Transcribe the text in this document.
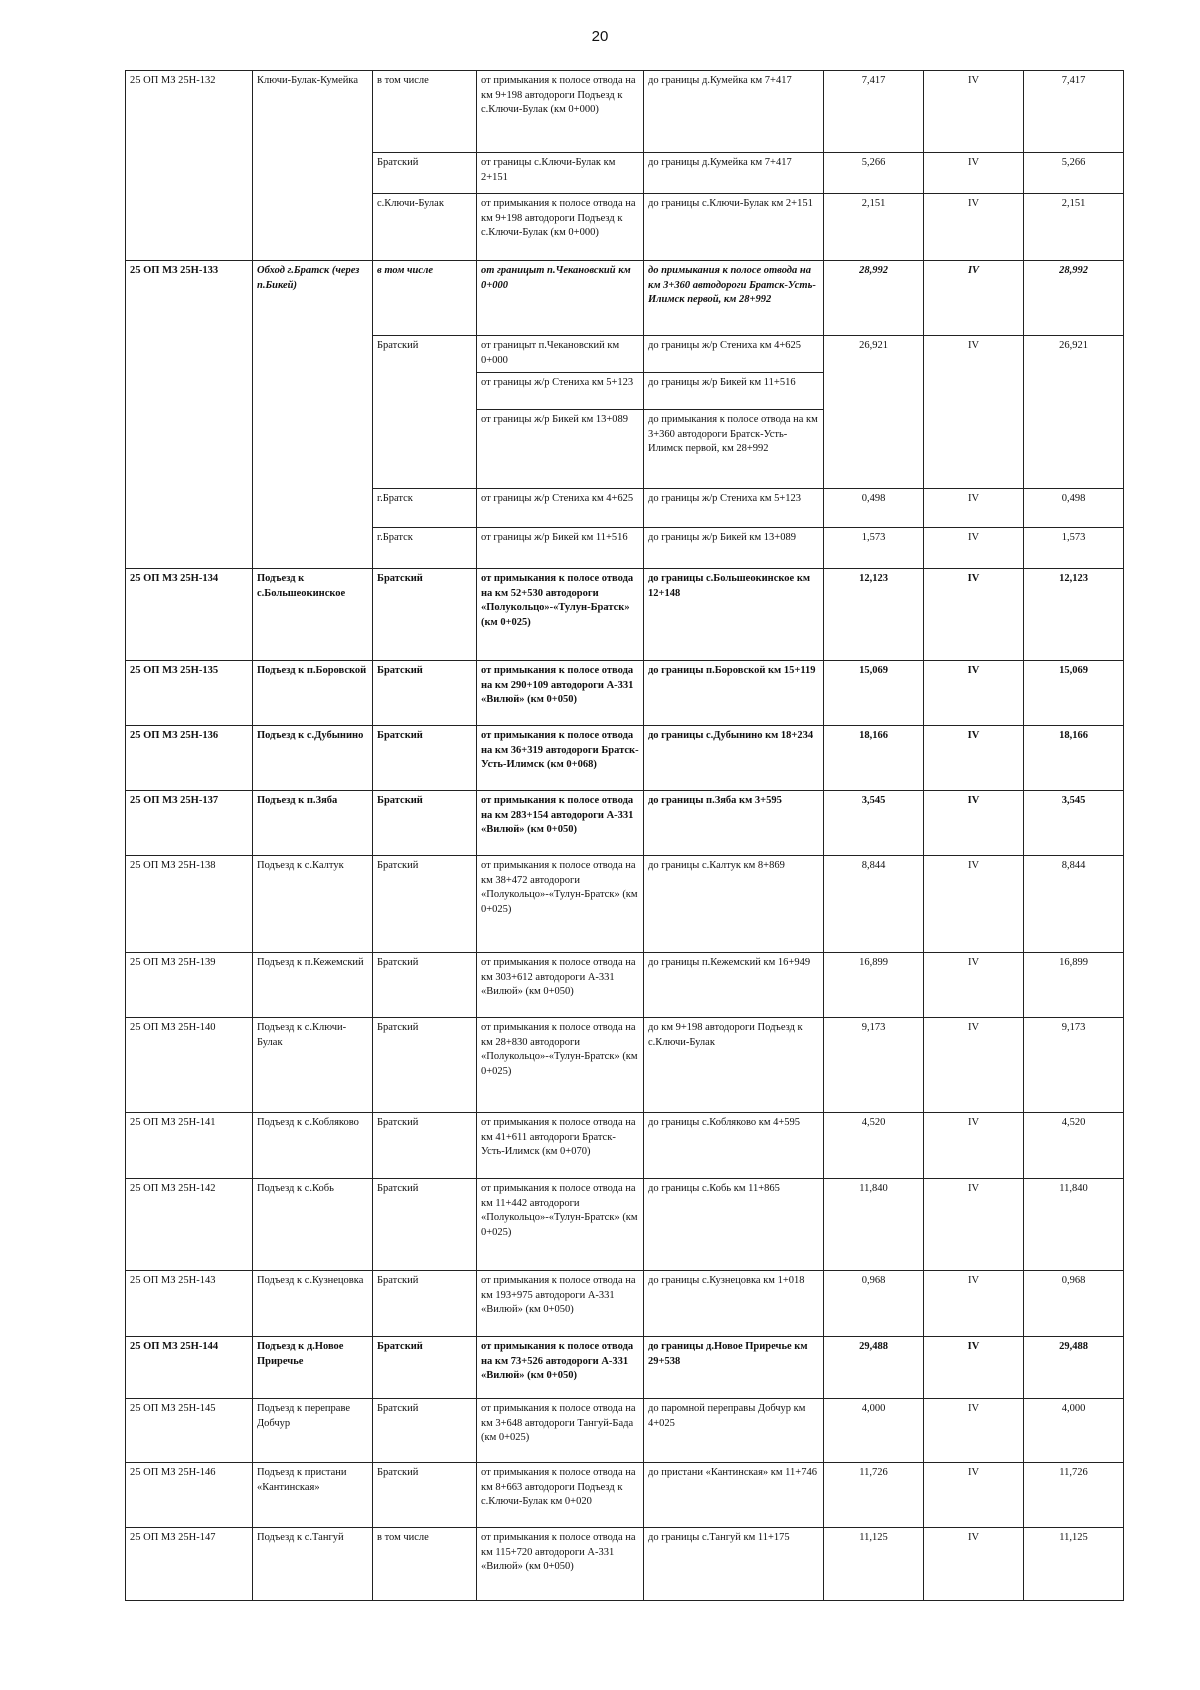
20
25 ОП МЗ 25Н-132	Ключи-Булак-Кумейка	в том числе	от примыкания к полосе отвода на км 9+198 автодороги Подъезд к с.Ключи-Булак (км 0+000)	до границы д.Кумейка км 7+417	7,417	IV	7,417
		Братский	от границы с.Ключи-Булак км 2+151	до границы д.Кумейка км 7+417	5,266	IV	5,266
		с.Ключи-Булак	от примыкания к полосе отвода на км 9+198 автодороги Подъезд к с.Ключи-Булак (км 0+000)	до границы с.Ключи-Булак км 2+151	2,151	IV	2,151
25 ОП МЗ 25Н-133	Обход г.Братск (через п.Бикей)	в том числе	от границыт п.Чекановский км 0+000	до примыкания к полосе отвода на км 3+360 автодороги Братск-Усть-Илимск первой, км 28+992	28,992	IV	28,992
		Братский	от границыт п.Чекановский км 0+000	до границы ж/р Стениха км 4+625	26,921	IV	26,921
			от границы ж/р Стениха км 5+123	до границы ж/р Бикей км 11+516			
			от границы ж/р Бикей км 13+089	до примыкания к полосе отвода на км 3+360 автодороги Братск-Усть-Илимск первой, км 28+992			
		г.Братск	от границы ж/р Стениха км 4+625	до границы ж/р Стениха км 5+123	0,498	IV	0,498
		г.Братск	от границы ж/р Бикей км 11+516	до границы ж/р Бикей км 13+089	1,573	IV	1,573
25 ОП МЗ 25Н-134	Подъезд к с.Большеокинское	Братский	от примыкания к полосе отвода на км 52+530 автодороги «Полукольцо»-«Тулун-Братск» (км 0+025)	до границы с.Большеокинское км 12+148	12,123	IV	12,123
25 ОП МЗ 25Н-135	Подъезд к п.Боровской	Братский	от примыкания к полосе отвода на км 290+109 автодороги А-331 «Вилюй» (км 0+050)	до границы п.Боровской км 15+119	15,069	IV	15,069
25 ОП МЗ 25Н-136	Подъезд к с.Дубынино	Братский	от примыкания к полосе отвода на км 36+319 автодороги Братск-Усть-Илимск (км 0+068)	до границы с.Дубынино км 18+234	18,166	IV	18,166
25 ОП МЗ 25Н-137	Подъезд к п.Зяба	Братский	от примыкания к полосе отвода на км 283+154 автодороги А-331 «Вилюй» (км 0+050)	до границы п.Зяба км 3+595	3,545	IV	3,545
25 ОП МЗ 25Н-138	Подъезд к с.Калтук	Братский	от примыкания к полосе отвода на км 38+472 автодороги «Полукольцо»-«Тулун-Братск» (км 0+025)	до границы с.Калтук км 8+869	8,844	IV	8,844
25 ОП МЗ 25Н-139	Подъезд к п.Кежемский	Братский	от примыкания к полосе отвода на км 303+612 автодороги А-331 «Вилюй» (км 0+050)	до границы п.Кежемский км 16+949	16,899	IV	16,899
25 ОП МЗ 25Н-140	Подъезд к с.Ключи-Булак	Братский	от примыкания к полосе отвода на км 28+830 автодороги «Полукольцо»-«Тулун-Братск» (км 0+025)	до км 9+198 автодороги Подъезд к с.Ключи-Булак	9,173	IV	9,173
25 ОП МЗ 25Н-141	Подъезд к с.Кобляково	Братский	от примыкания к полосе отвода на км 41+611 автодороги Братск-Усть-Илимск (км 0+070)	до границы с.Кобляково км 4+595	4,520	IV	4,520
25 ОП МЗ 25Н-142	Подъезд к с.Кобь	Братский	от примыкания к полосе отвода на км 11+442 автодороги «Полукольцо»-«Тулун-Братск» (км 0+025)	до границы с.Кобь км 11+865	11,840	IV	11,840
25 ОП МЗ 25Н-143	Подъезд к с.Кузнецовка	Братский	от примыкания к полосе отвода на км 193+975 автодороги А-331 «Вилюй» (км 0+050)	до границы с.Кузнецовка км 1+018	0,968	IV	0,968
25 ОП МЗ 25Н-144	Подъезд к д.Новое Приречье	Братский	от примыкания к полосе отвода на км 73+526 автодороги А-331 «Вилюй» (км 0+050)	до границы д.Новое Приречье км 29+538	29,488	IV	29,488
25 ОП МЗ 25Н-145	Подъезд к переправе Добчур	Братский	от примыкания к полосе отвода на км 3+648 автодороги Тангуй-Бада (км 0+025)	до паромной переправы Добчур км 4+025	4,000	IV	4,000
25 ОП МЗ 25Н-146	Подъезд к пристани «Кантинская»	Братский	от примыкания к полосе отвода на км 8+663 автодороги Подъезд к с.Ключи-Булак км 0+020	до пристани «Кантинская» км 11+746	11,726	IV	11,726
25 ОП МЗ 25Н-147	Подъезд к с.Тангуй	в том числе	от примыкания к полосе отвода на км 115+720 автодороги А-331 «Вилюй» (км 0+050)	до границы с.Тангуй км 11+175	11,125	IV	11,125
